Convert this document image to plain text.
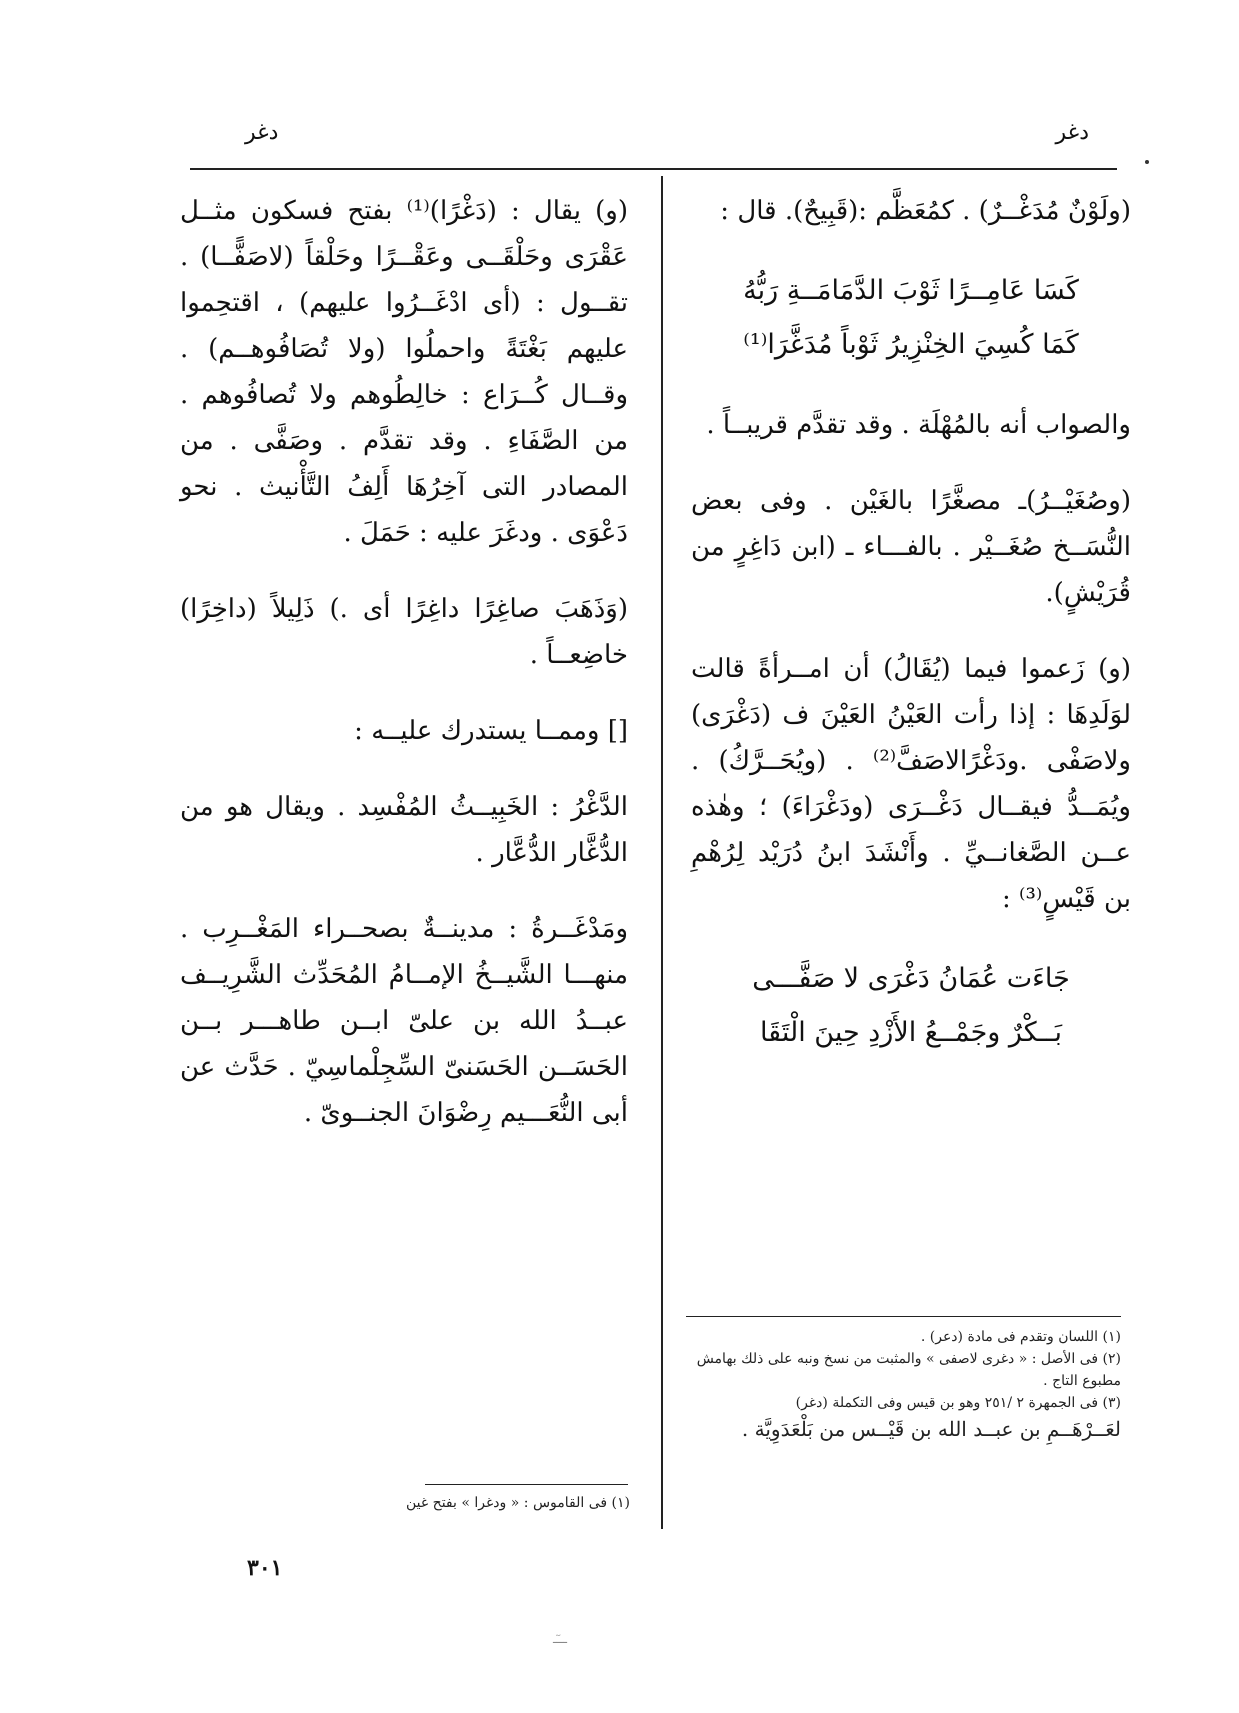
دغر
دغر

(ولَوْنٌ مُدَغْــرٌ) . كمُعَظَّم :(قَبِيحٌ). قال :

كَسَا عَامِــرًا ثَوْبَ الدَّمَامَــةِ رَبُّهُ
كَمَا كُسِيَ الخِنْزِيرُ ثَوْباً مُدَغَّرَا⁽¹⁾

والصواب أنه بالمُهْلَة . وقد تقدَّم قريبــاً .

(وصُغَيْــرُ)ـ مصغَّرًا بالغَيْن . وفى بعض النُّسَــخ صُغَــيْر . بالفـــاء ـ (ابن دَاغِرٍ من قُرَيْشٍ).

(و) زَعموا فيما (يُقَالُ) أن امــرأةً قالت لوَلَدِهَا : إذا رأت العَيْنُ العَيْنَ ف (دَغْرَى) ولاصَفْى .ودَغْرًالاصَفَّ⁽²⁾ . (ويُحَــرَّكُ) . ويُمَــدُّ فيقــال دَغْــرَى (ودَغْرَاءَ) ؛ وهٰذه عــن الصَّغانــيِّ . وأَنْشَدَ ابنُ دُرَيْد لِرُهْمِ بن قَيْسٍ⁽³⁾ :

جَاءَت عُمَانُ دَغْرَى لا صَفَّـــى
بَــكْرٌ وجَمْــعُ الأَزْدِ حِينَ الْتَقَا
(١) اللسان وتقدم فى مادة (دعر) .
(٢) فى الأصل : « دغرى لاصفى » والمثبت من نسخ ونبه على ذلك بهامش مطبوع التاج .
(٣) فى الجمهرة ٢ /٢٥١ وهو بن قيس وفى التكملة (دغر)
لعَــرْهَــمِ بن عبــد الله بن قَيْــس من بَلْعَدَوِيَّة .

(و) يقال : (دَغْرًا)⁽¹⁾ بفتح فسكون مثــل عَقْرَى وحَلْقَــى وعَقْــرًا وحَلْقاً (لاصَفًّــا) . تقــول : (أى ادْغَــرُوا عليهم) ، اقتحِموا عليهم بَغْتَةً واحملُوا (ولا تُصَافُوهــم) . وقــال كُــرَاع : خالِطُوهم ولا تُصافُوهم . من الصَّفَاءِ . وقد تقدَّم . وصَفَّى . من المصادر التى آخِرُهَا أَلِفُ التَّأْنيث . نحو دَعْوَى . ودغَرَ عليه : حَمَلَ .

(وَذَهَبَ صاغِرًا داغِرًا أى .) ذَلِيلاً (داخِرًا) خاضِعــاً .

[] وممــا يستدرك عليــه :

الدَّغْرُ : الخَبِيــثُ المُفْسِد . ويقال هو من الدُّغَّار الدُّعَّار .

ومَدْغَــرةُ : مدينــةٌ بصحــراء المَغْــرِب . منهـــا الشَّيــخُ الإمــامُ المُحَدِّث الشَّرِيــف عبــدُ الله بن علىّ ابــن طاهـــر بــن الحَسَــن الحَسَنىّ السِّجِلْماسِيّ . حَدَّث عن أبى النُّعَـــيم رِضْوَانَ الجنــوىّ .

(١) فى القاموس : « ودغرا » بفتح غين
٣٠١
ـــٓـ
